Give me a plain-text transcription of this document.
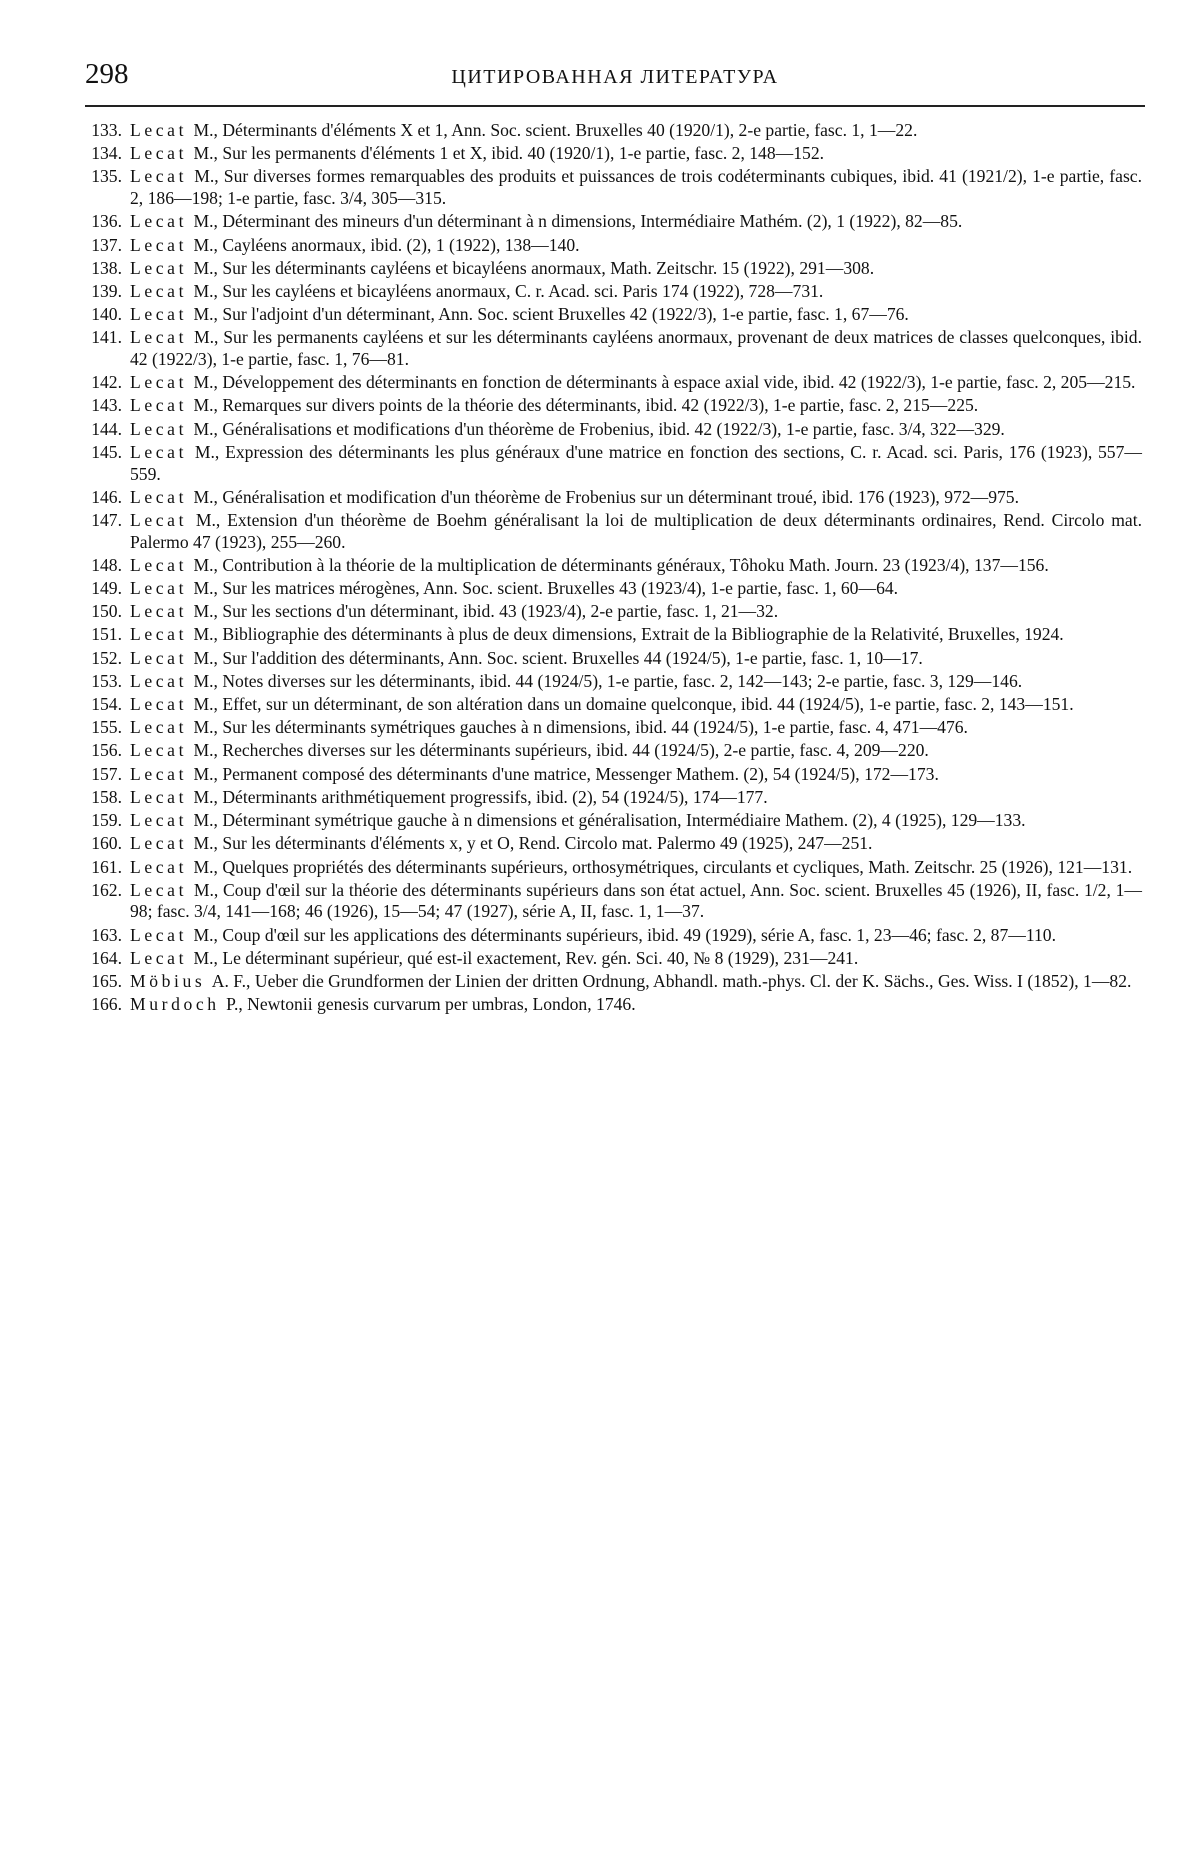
298	ЦИТИРОВАННАЯ ЛИТЕРАТУРА
133. Lecat M., Déterminants d'éléments X et 1, Ann. Soc. scient. Bruxelles 40 (1920/1), 2-e partie, fasc. 1, 1—22.
134. Lecat M., Sur les permanents d'éléments 1 et X, ibid. 40 (1920/1), 1-e partie, fasc. 2, 148—152.
135. Lecat M., Sur diverses formes remarquables des produits et puissances de trois codéterminants cubiques, ibid. 41 (1921/2), 1-e partie, fasc. 2, 186—198; 1-e partie, fasc. 3/4, 305—315.
136. Lecat M., Déterminant des mineurs d'un déterminant à n dimensions, Intermédiaire Mathém. (2), 1 (1922), 82—85.
137. Lecat M., Cayléens anormaux, ibid. (2), 1 (1922), 138—140.
138. Lecat M., Sur les déterminants cayléens et bicayléens anormaux, Math. Zeitschr. 15 (1922), 291—308.
139. Lecat M., Sur les cayléens et bicayléens anormaux, C. r. Acad. sci. Paris 174 (1922), 728—731.
140. Lecat M., Sur l'adjoint d'un déterminant, Ann. Soc. scient Bruxelles 42 (1922/3), 1-e partie, fasc. 1, 67—76.
141. Lecat M., Sur les permanents cayléens et sur les déterminants cayléens anormaux, provenant de deux matrices de classes quelconques, ibid. 42 (1922/3), 1-e partie, fasc. 1, 76—81.
142. Lecat M., Développement des déterminants en fonction de déterminants à espace axial vide, ibid. 42 (1922/3), 1-e partie, fasc. 2, 205—215.
143. Lecat M., Remarques sur divers points de la théorie des déterminants, ibid. 42 (1922/3), 1-e partie, fasc. 2, 215—225.
144. Lecat M., Généralisations et modifications d'un théorème de Frobenius, ibid. 42 (1922/3), 1-e partie, fasc. 3/4, 322—329.
145. Lecat M., Expression des déterminants les plus généraux d'une matrice en fonction des sections, C. r. Acad. sci. Paris, 176 (1923), 557—559.
146. Lecat M., Généralisation et modification d'un théorème de Frobenius sur un déterminant troué, ibid. 176 (1923), 972—975.
147. Lecat M., Extension d'un théorème de Boehm généralisant la loi de multiplication de deux déterminants ordinaires, Rend. Circolo mat. Palermo 47 (1923), 255—260.
148. Lecat M., Contribution à la théorie de la multiplication de déterminants généraux, Tôhoku Math. Journ. 23 (1923/4), 137—156.
149. Lecat M., Sur les matrices mérogènes, Ann. Soc. scient. Bruxelles 43 (1923/4), 1-e partie, fasc. 1, 60—64.
150. Lecat M., Sur les sections d'un déterminant, ibid. 43 (1923/4), 2-e partie, fasc. 1, 21—32.
151. Lecat M., Bibliographie des déterminants à plus de deux dimensions, Extrait de la Bibliographie de la Relativité, Bruxelles, 1924.
152. Lecat M., Sur l'addition des déterminants, Ann. Soc. scient. Bruxelles 44 (1924/5), 1-e partie, fasc. 1, 10—17.
153. Lecat M., Notes diverses sur les déterminants, ibid. 44 (1924/5), 1-e partie, fasc. 2, 142—143; 2-e partie, fasc. 3, 129—146.
154. Lecat M., Effet, sur un déterminant, de son altération dans un domaine quelconque, ibid. 44 (1924/5), 1-e partie, fasc. 2, 143—151.
155. Lecat M., Sur les déterminants symétriques gauches à n dimensions, ibid. 44 (1924/5), 1-e partie, fasc. 4, 471—476.
156. Lecat M., Recherches diverses sur les déterminants supérieurs, ibid. 44 (1924/5), 2-e partie, fasc. 4, 209—220.
157. Lecat M., Permanent composé des déterminants d'une matrice, Messenger Mathem. (2), 54 (1924/5), 172—173.
158. Lecat M., Déterminants arithmétiquement progressifs, ibid. (2), 54 (1924/5), 174—177.
159. Lecat M., Déterminant symétrique gauche à n dimensions et généralisation, Intermédiaire Mathem. (2), 4 (1925), 129—133.
160. Lecat M., Sur les déterminants d'éléments x, y et O, Rend. Circolo mat. Palermo 49 (1925), 247—251.
161. Lecat M., Quelques propriétés des déterminants supérieurs, orthosymétriques, circulants et cycliques, Math. Zeitschr. 25 (1926), 121—131.
162. Lecat M., Coup d'œil sur la théorie des déterminants supérieurs dans son état actuel, Ann. Soc. scient. Bruxelles 45 (1926), II, fasc. 1/2, 1—98; fasc. 3/4, 141—168; 46 (1926), 15—54; 47 (1927), série A, II, fasc. 1, 1—37.
163. Lecat M., Coup d'œil sur les applications des déterminants supérieurs, ibid. 49 (1929), série A, fasc. 1, 23—46; fasc. 2, 87—110.
164. Lecat M., Le déterminant supérieur, qué est-il exactement, Rev. gén. Sci. 40, № 8 (1929), 231—241.
165. Möbius A. F., Ueber die Grundformen der Linien der dritten Ordnung, Abhandl. math.-phys. Cl. der K. Sächs., Ges. Wiss. I (1852), 1—82.
166. Murdoch P., Newtonii genesis curvarum per umbras, London, 1746.
